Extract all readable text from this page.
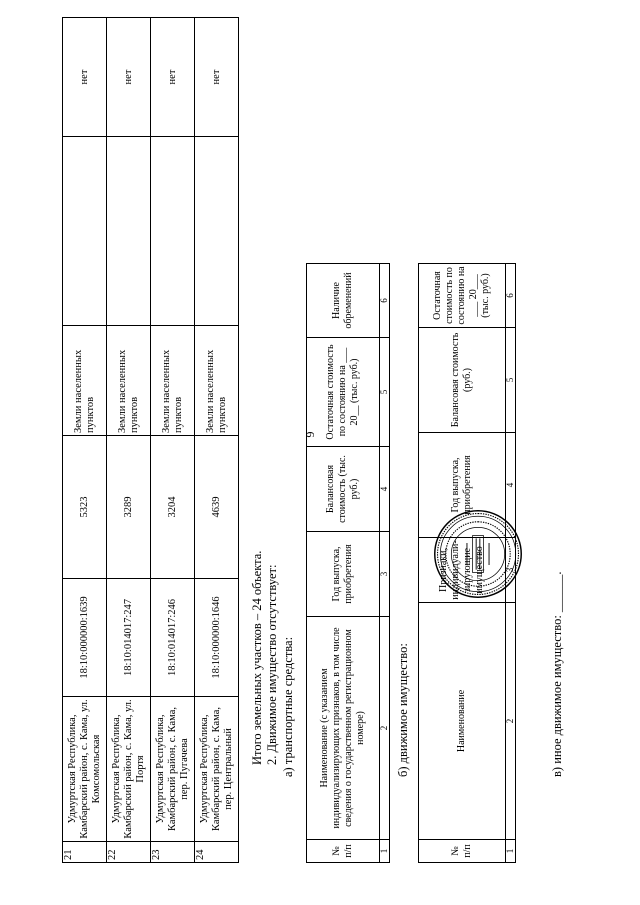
6
21	Удмуртская Республика, Камбарский район, с. Кама, ул. Комсомольская	18:10:000000:1639	5323	Земли населенных пунктов		нет
22	Удмуртская Республика, Камбарский район, с. Кама, ул. Портя	18:10:014017:247	3289	Земли населенных пунктов		нет
23	Удмуртская Республика, Камбарский район, с. Кама, пер. Пугачева	18:10:014017:246	3204	Земли населенных пунктов		нет
24	Удмуртская Республика, Камбарский район, с. Кама, пер. Центральный	18:10:000000:1646	4639	Земли населенных пунктов		нет
Итого земельных участков – 24 объекта. 2. Движимое имущество отсутствует: а) транспортные средства:
№ п/п	Наименование (с указанием индивидуализирующих признаков, в том числе сведения о государственном регистрационном номере)	Год выпуска, приобретения	Балансовая стоимость (тыс. руб.)	Остаточная стоимость по состоянию на ___ 20__ (тыс. руб.)	Наличие обременений
1	2	3	4	5	6
б) движимое имущество:
№ п/п	Наименование	Признаки, индивидуали-зирующие имущество	Год выпуска, приобретения	Балансовая стоимость (руб.)	Остаточная стоимость по состоянию на ___ 20___ (тыс. руб.)
1	2	3	4	5	6
в) иное движимое имущество: ______.
